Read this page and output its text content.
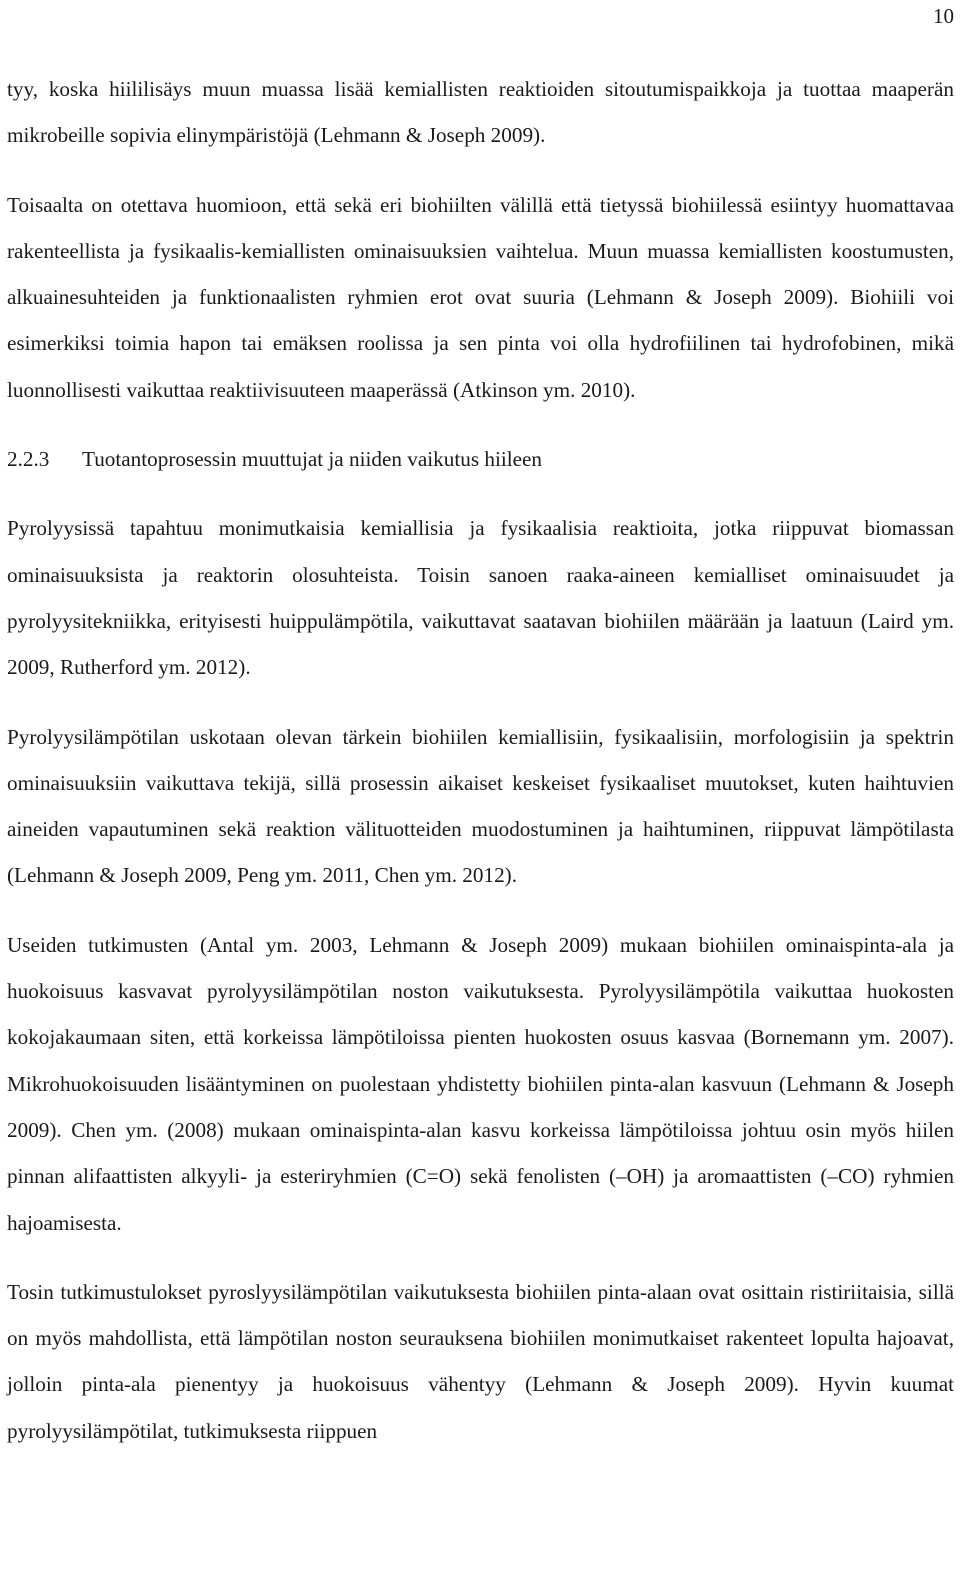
10

tyy, koska hiililisäys muun muassa lisää kemiallisten reaktioiden sitoutumispaikkoja ja tuottaa maaperän mikrobeille sopivia elinympäristöjä (Lehmann & Joseph 2009).

Toisaalta on otettava huomioon, että sekä eri biohiilten välillä että tietyssä biohiilessä esiintyy huomattavaa rakenteellista ja fysikaalis-kemiallisten ominaisuuksien vaihtelua. Muun muassa kemiallisten koostumusten, alkuainesuhteiden ja funktionaalisten ryhmien erot ovat suuria (Lehmann & Joseph 2009). Biohiili voi esimerkiksi toimia hapon tai emäksen roolissa ja sen pinta voi olla hydrofiilinen tai hydrofobinen, mikä luonnollisesti vaikuttaa reaktiivisuuteen maaperässä (Atkinson ym. 2010).

2.2.3 Tuotantoprosessin muuttujat ja niiden vaikutus hiileen

Pyrolyysissä tapahtuu monimutkaisia kemiallisia ja fysikaalisia reaktioita, jotka riippuvat biomassan ominaisuuksista ja reaktorin olosuhteista. Toisin sanoen raaka-aineen kemialliset ominaisuudet ja pyrolyysitekniikka, erityisesti huippulämpötila, vaikuttavat saatavan biohiilen määrään ja laatuun (Laird ym. 2009, Rutherford ym. 2012).

Pyrolyysilämpötilan uskotaan olevan tärkein biohiilen kemiallisiin, fysikaalisiin, morfologisiin ja spektrin ominaisuuksiin vaikuttava tekijä, sillä prosessin aikaiset keskeiset fysikaaliset muutokset, kuten haihtuvien aineiden vapautuminen sekä reaktion välituotteiden muodostuminen ja haihtuminen, riippuvat lämpötilasta (Lehmann & Joseph 2009, Peng ym. 2011, Chen ym. 2012).

Useiden tutkimusten (Antal ym. 2003, Lehmann & Joseph 2009) mukaan biohiilen ominaispinta-ala ja huokoisuus kasvavat pyrolyysilämpötilan noston vaikutuksesta. Pyrolyysilämpötila vaikuttaa huokosten kokojakaumaan siten, että korkeissa lämpötiloissa pienten huokosten osuus kasvaa (Bornemann ym. 2007). Mikrohuokoisuuden lisääntyminen on puolestaan yhdistetty biohiilen pinta-alan kasvuun (Lehmann & Joseph 2009). Chen ym. (2008) mukaan ominaispinta-alan kasvu korkeissa lämpötiloissa johtuu osin myös hiilen pinnan alifaattisten alkyyli- ja esteriryhmien (C=O) sekä fenolisten (–OH) ja aromaattisten (–CO) ryhmien hajoamisesta.

Tosin tutkimustulokset pyroslyysilämpötilan vaikutuksesta biohiilen pinta-alaan ovat osittain ristiriitaisia, sillä on myös mahdollista, että lämpötilan noston seurauksena biohiilen monimutkaiset rakenteet lopulta hajoavat, jolloin pinta-ala pienentyy ja huokoisuus vähentyy (Lehmann & Joseph 2009). Hyvin kuumat pyrolyysilämpötilat, tutkimuksesta riippuen
